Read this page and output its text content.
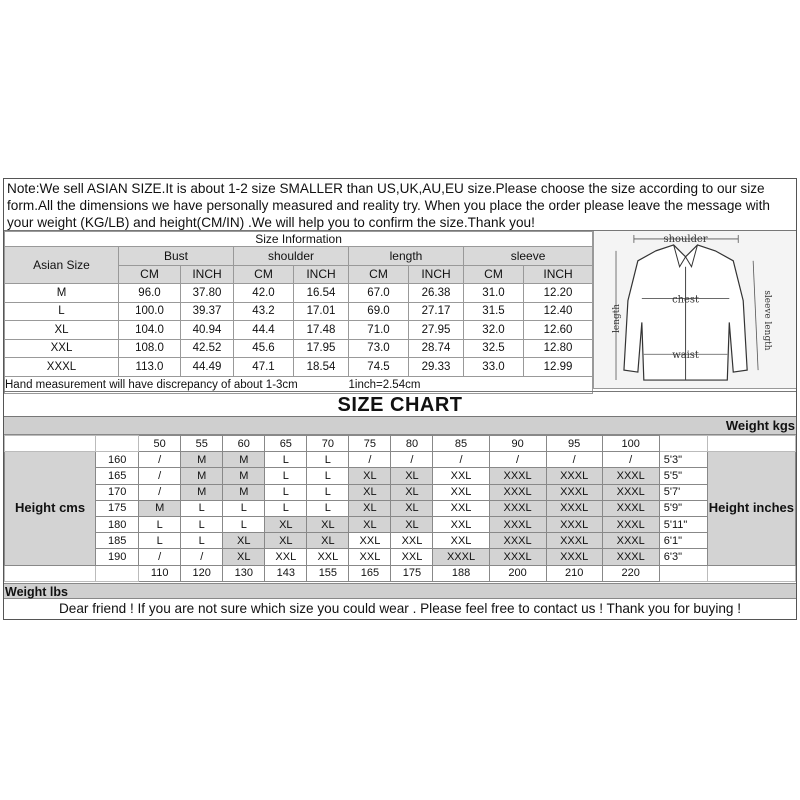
Note:We sell ASIAN SIZE.It is about 1-2 size SMALLER than US,UK,AU,EU size.Please choose the size according to our size form.All the dimensions we have personally measured and reality try. When you place the order please leave the message with your weight (KG/LB) and height(CM/IN) .We will help you to confirm the size.Thank you!
Size Information								
Asian Size	Bust		shoulder		length		sleeve	
	CM	INCH	CM	INCH	CM	INCH	CM	INCH
M	96.0	37.80	42.0	16.54	67.0	26.38	31.0	12.20
L	100.0	39.37	43.2	17.01	69.0	27.17	31.5	12.40
XL	104.0	40.94	44.4	17.48	71.0	27.95	32.0	12.60
XXL	108.0	42.52	45.6	17.95	73.0	28.74	32.5	12.80
XXXL	113.0	44.49	47.1	18.54	74.5	29.33	33.0	12.99
Hand measurement will have discrepancy of about 1-3cm					1inch=2.54cm			
shoulder
chest
waist
length	sleeve length
SIZE CHART
Weight kgs
		50	55	60	65	70	75	80	85	90	95	100		
Height cms	160	/	M	M	L	L	/	/	/	/	/	/	5'3"	Height inches
	165	/	M	M	L	L	XL	XL	XXL	XXXL	XXXL	XXXL	5'5"	
	170	/	M	M	L	L	XL	XL	XXL	XXXL	XXXL	XXXL	5'7'	
	175	M	L	L	L	L	XL	XL	XXL	XXXL	XXXL	XXXL	5'9"	
	180	L	L	L	XL	XL	XL	XL	XXL	XXXL	XXXL	XXXL	5'11"	
	185	L	L	XL	XL	XL	XXL	XXL	XXL	XXXL	XXXL	XXXL	6'1"	
	190	/	/	XL	XXL	XXL	XXL	XXL	XXXL	XXXL	XXXL	XXXL	6'3"	
		110	120	130	143	155	165	175	188	200	210	220		
Weight lbs
Dear friend ! If you are not sure which size you could wear . Please feel free to contact us ! Thank you for buying !
